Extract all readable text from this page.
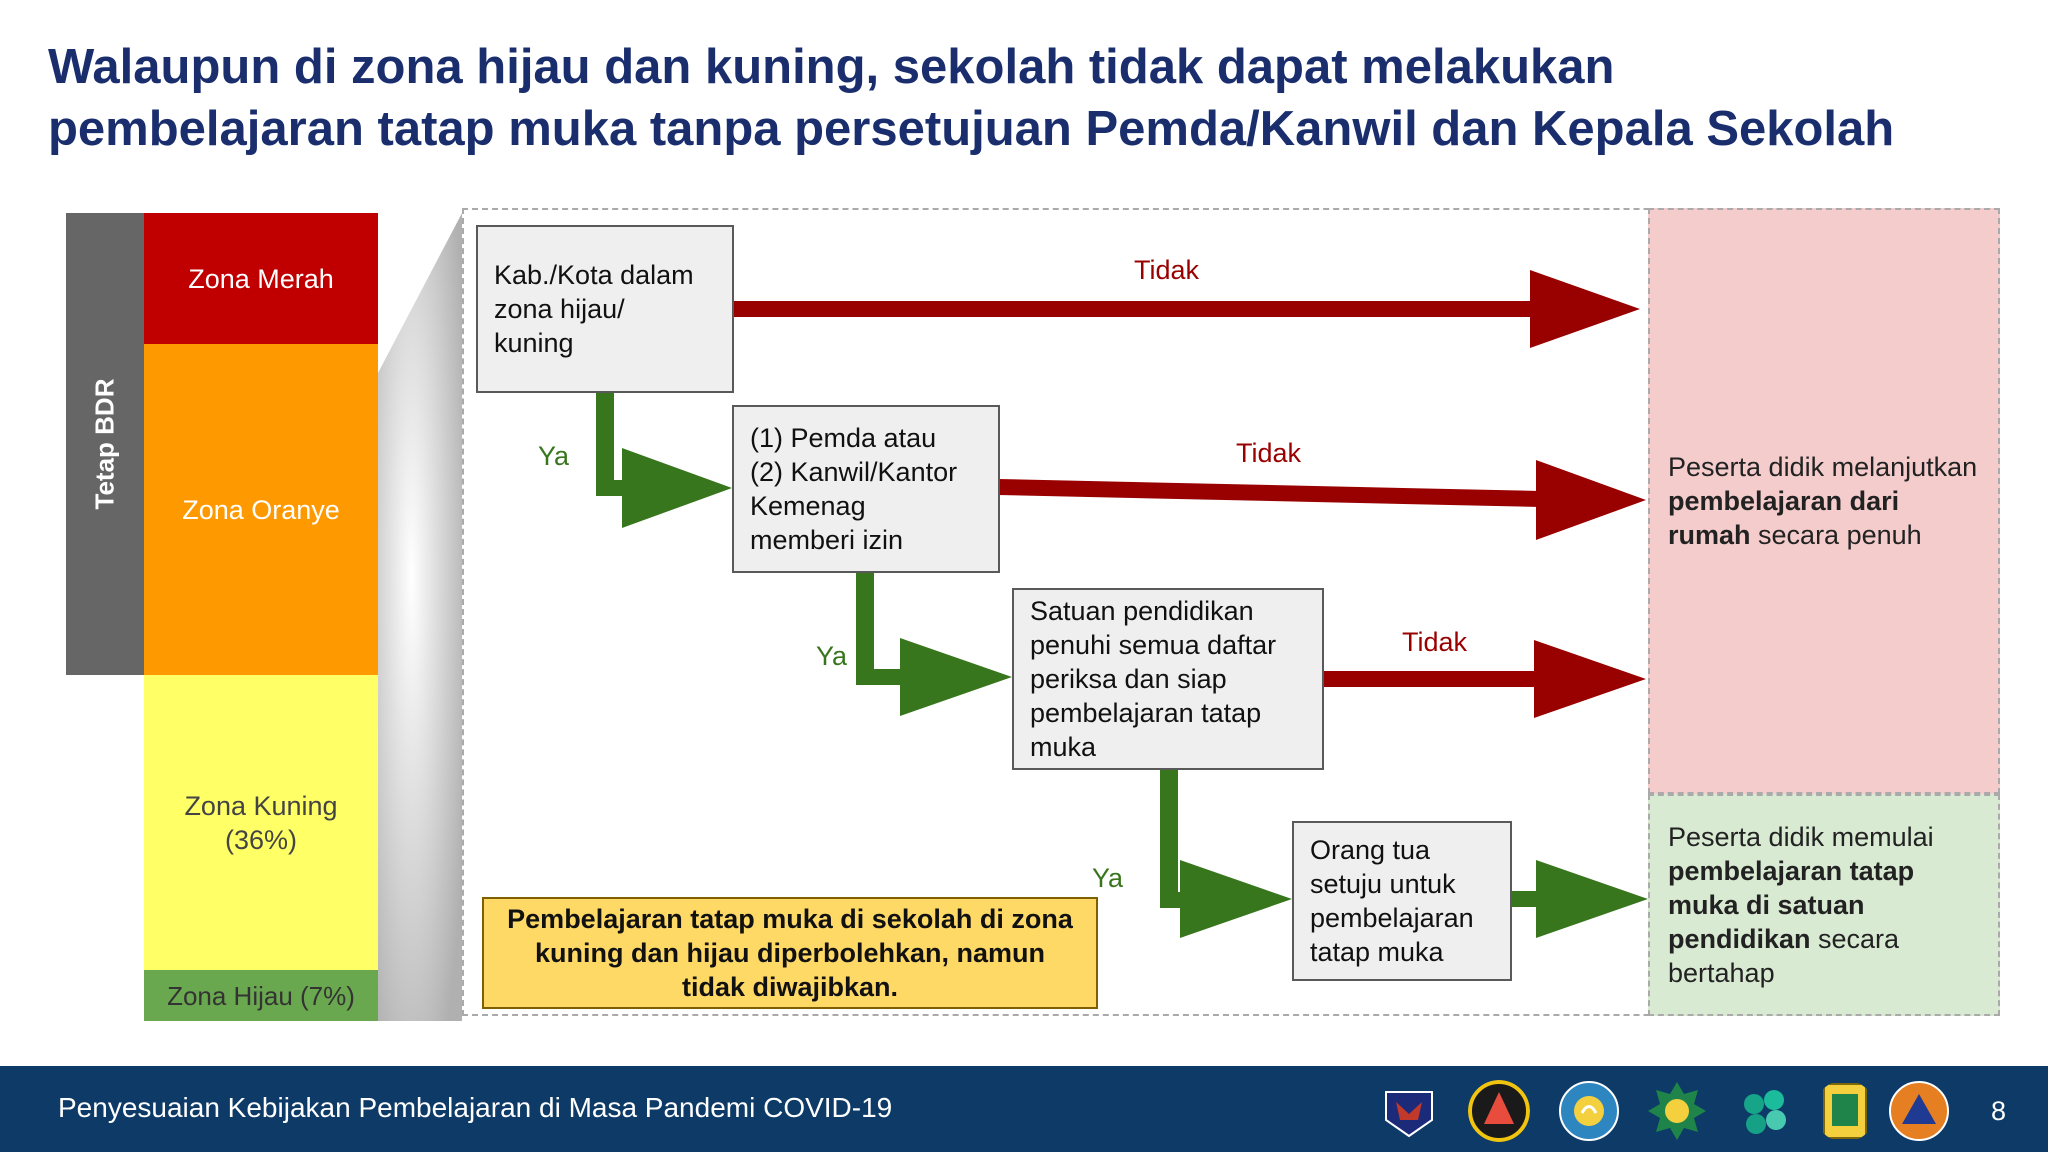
Walaupun di zona hijau dan kuning, sekolah tidak dapat melakukan
pembelajaran tatap muka tanpa persetujuan Pemda/Kanwil dan Kepala Sekolah
Tetap BDR
Zona Merah
Zona Oranye
Zona Kuning
(36%)
Zona Hijau (7%)
Peserta didik melanjutkan pembelajaran dari rumah secara penuh
Peserta didik memulai pembelajaran tatap muka di satuan pendidikan secara bertahap
Kab./Kota dalam
zona hijau/
kuning
(1) Pemda atau
(2) Kanwil/Kantor
Kemenag
memberi izin
Satuan pendidikan
penuhi semua daftar
periksa dan siap
pembelajaran tatap
muka
Orang tua
setuju untuk
pembelajaran
tatap muka
Tidak
Tidak
Tidak
Ya
Ya
Ya
Pembelajaran tatap muka di sekolah di zona kuning dan hijau diperbolehkan, namun tidak diwajibkan.
Penyesuaian Kebijakan Pembelajaran di Masa Pandemi COVID-19	8
